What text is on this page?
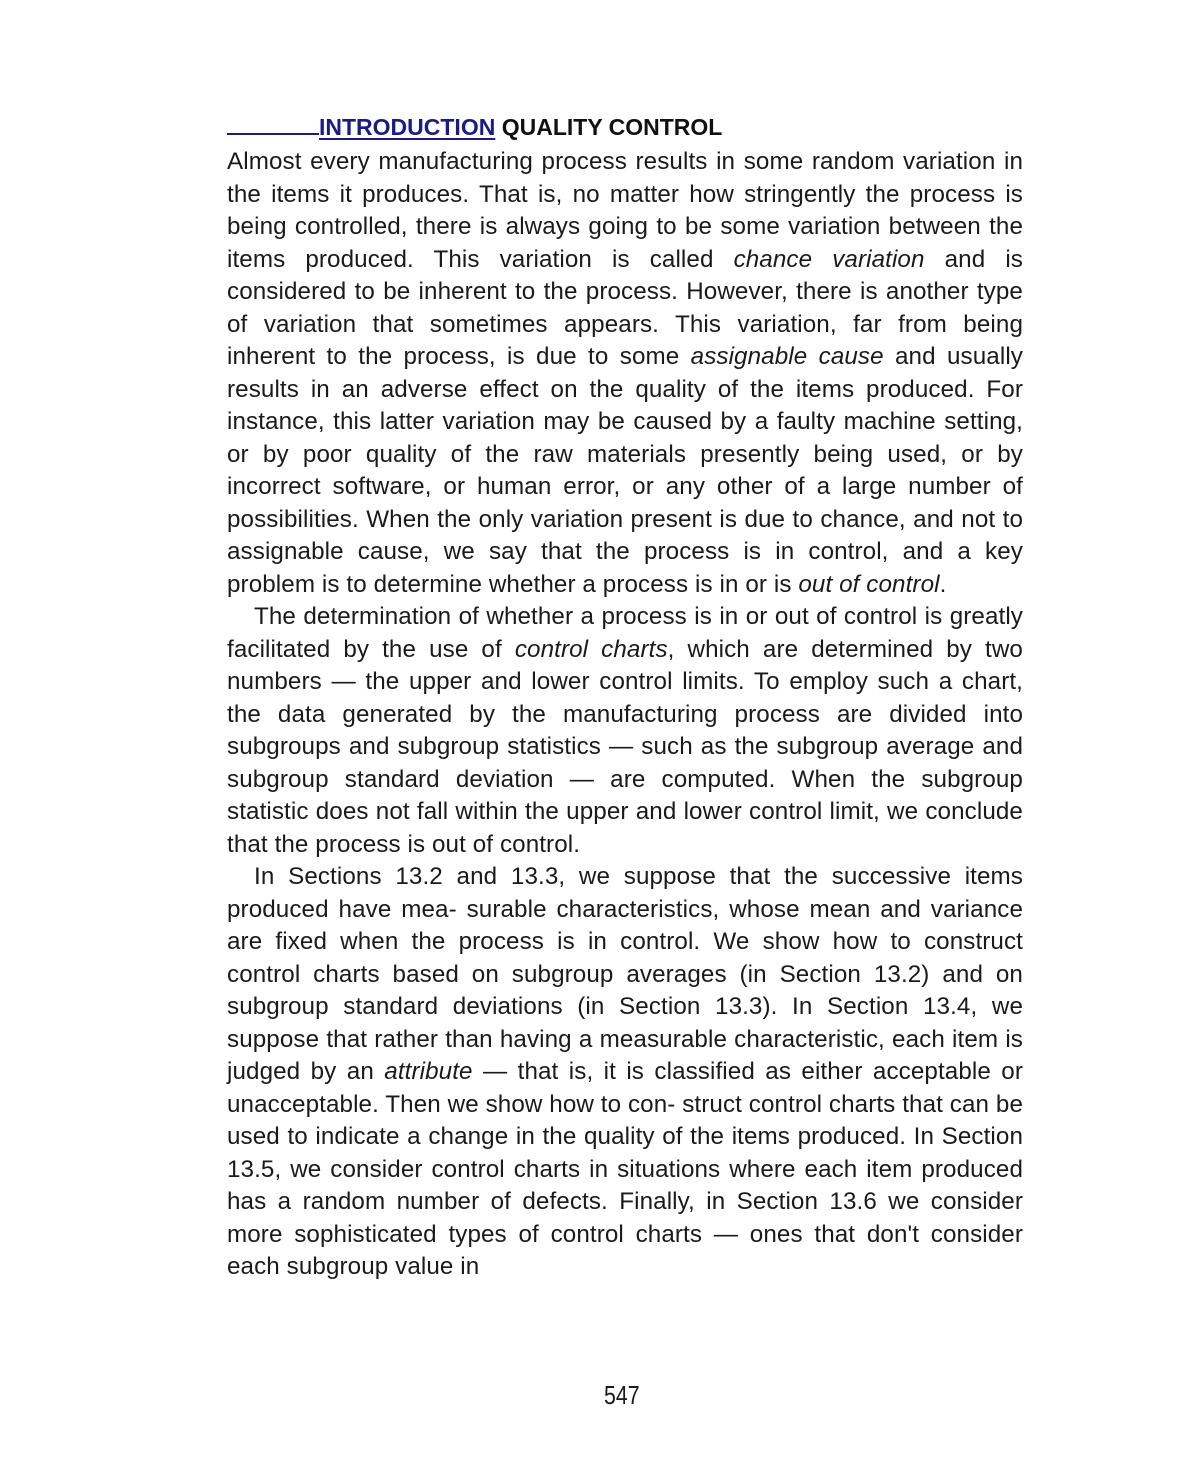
INTRODUCTION QUALITY CONTROL

Almost every manufacturing process results in some random variation in the items it produces. That is, no matter how stringently the process is being controlled, there is always going to be some variation between the items produced. This variation is called chance variation and is considered to be inherent to the process. However, there is another type of variation that sometimes appears. This variation, far from being inherent to the process, is due to some assignable cause and usually results in an adverse effect on the quality of the items produced. For instance, this latter variation may be caused by a faulty machine setting, or by poor quality of the raw materials presently being used, or by incorrect software, or human error, or any other of a large number of possibilities. When the only variation present is due to chance, and not to assignable cause, we say that the process is in control, and a key problem is to determine whether a process is in or is out of control.

The determination of whether a process is in or out of control is greatly facilitated by the use of control charts, which are determined by two numbers — the upper and lower control limits. To employ such a chart, the data generated by the manufacturing process are divided into subgroups and subgroup statistics — such as the subgroup average and subgroup standard deviation — are computed. When the subgroup statistic does not fall within the upper and lower control limit, we conclude that the process is out of control.

In Sections 13.2 and 13.3, we suppose that the successive items produced have mea- surable characteristics, whose mean and variance are fixed when the process is in control. We show how to construct control charts based on subgroup averages (in Section 13.2) and on subgroup standard deviations (in Section 13.3). In Section 13.4, we suppose that rather than having a measurable characteristic, each item is judged by an attribute — that is, it is classified as either acceptable or unacceptable. Then we show how to con- struct control charts that can be used to indicate a change in the quality of the items produced. In Section 13.5, we consider control charts in situations where each item produced has a random number of defects. Finally, in Section 13.6 we consider more sophisticated types of control charts — ones that don't consider each subgroup value in

547
